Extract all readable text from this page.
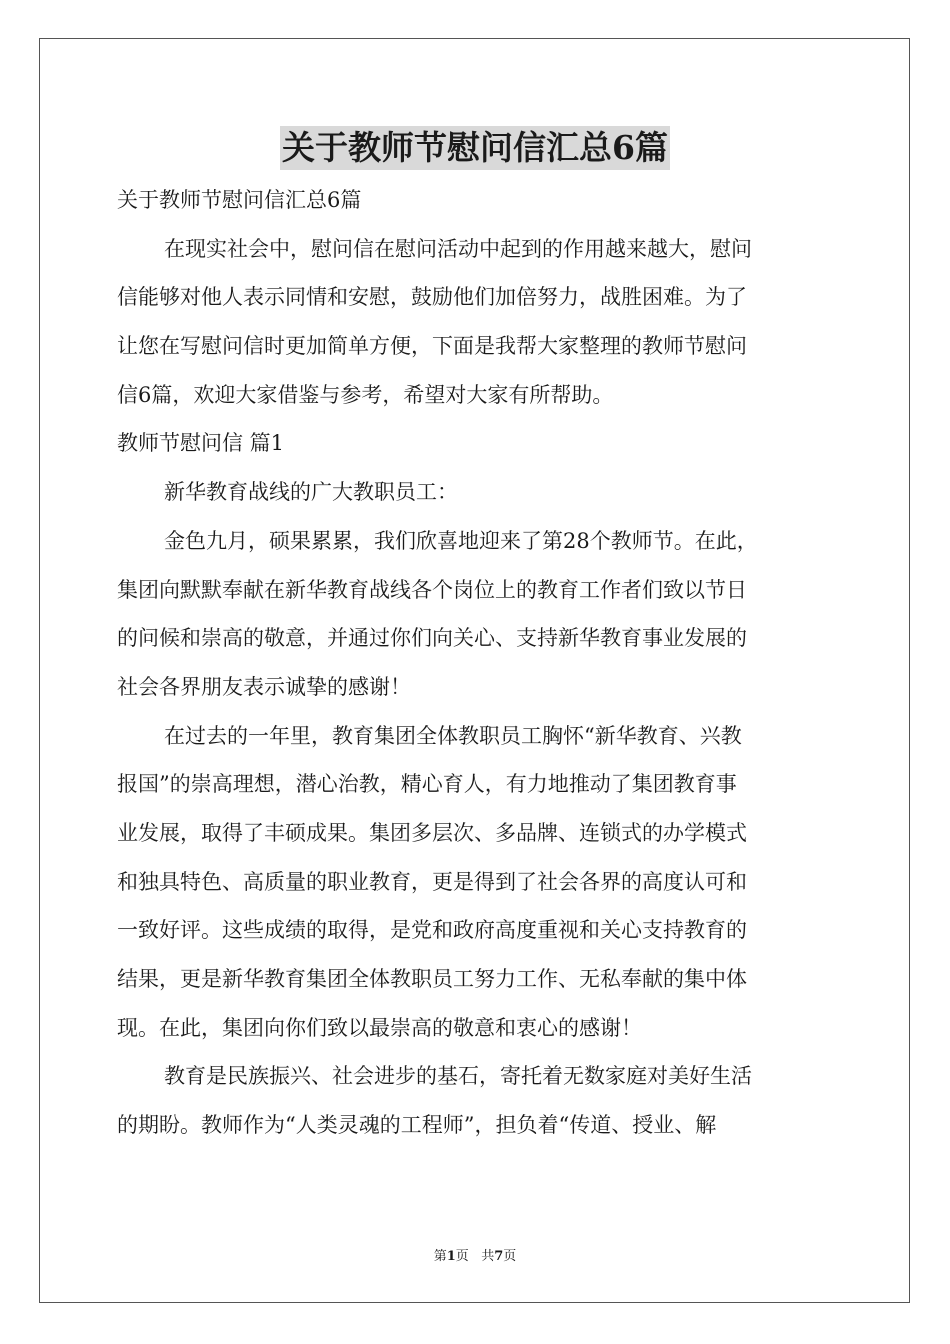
关于教师节慰问信汇总6篇
关于教师节慰问信汇总6篇
在现实社会中，慰问信在慰问活动中起到的作用越来越大，慰问
信能够对他人表示同情和安慰，鼓励他们加倍努力，战胜困难。为了
让您在写慰问信时更加简单方便，下面是我帮大家整理的教师节慰问
信6篇，欢迎大家借鉴与参考，希望对大家有所帮助。
教师节慰问信 篇1
新华教育战线的广大教职员工：
金色九月，硕果累累，我们欣喜地迎来了第28个教师节。在此，
集团向默默奉献在新华教育战线各个岗位上的教育工作者们致以节日
的问候和崇高的敬意，并通过你们向关心、支持新华教育事业发展的
社会各界朋友表示诚挚的感谢！
在过去的一年里，教育集团全体教职员工胸怀“新华教育、兴教
报国”的崇高理想，潜心治教，精心育人，有力地推动了集团教育事
业发展，取得了丰硕成果。集团多层次、多品牌、连锁式的办学模式
和独具特色、高质量的职业教育，更是得到了社会各界的高度认可和
一致好评。这些成绩的取得，是党和政府高度重视和关心支持教育的
结果，更是新华教育集团全体教职员工努力工作、无私奉献的集中体
现。在此，集团向你们致以最崇高的敬意和衷心的感谢！
教育是民族振兴、社会进步的基石，寄托着无数家庭对美好生活
的期盼。教师作为“人类灵魂的工程师”，担负着“传道、授业、解
第1页 共7页
